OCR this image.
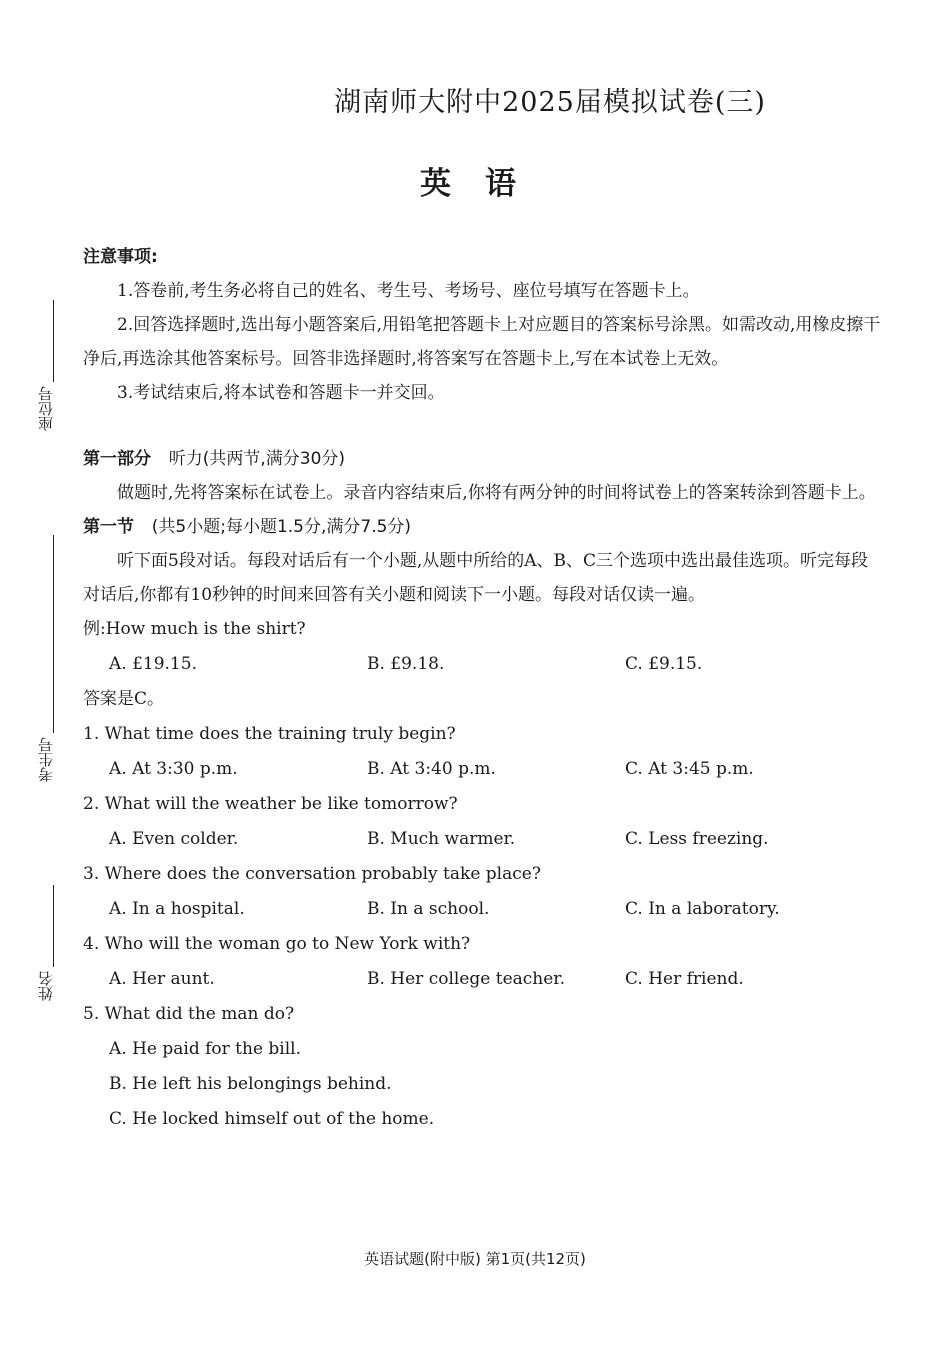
座位号
考生号
姓名
湖南师大附中2025届模拟试卷(三)
英语
注意事项:

1.答卷前,考生务必将自己的姓名、考生号、考场号、座位号填写在答题卡上。

2.回答选择题时,选出每小题答案后,用铅笔把答题卡上对应题目的答案标号涂黑。如需改动,用橡皮擦干净后,再选涂其他答案标号。回答非选择题时,将答案写在答题卡上,写在本试卷上无效。

3.考试结束后,将本试卷和答题卡一并交回。

第一部分 听力(共两节,满分30分)

做题时,先将答案标在试卷上。录音内容结束后,你将有两分钟的时间将试卷上的答案转涂到答题卡上。

第一节 (共5小题;每小题1.5分,满分7.5分)

听下面5段对话。每段对话后有一个小题,从题中所给的A、B、C三个选项中选出最佳选项。听完每段对话后,你都有10秒钟的时间来回答有关小题和阅读下一小题。每段对话仅读一遍。

例:How much is the shirt?
A. £19.15.	B. £9.18.	C. £9.15.
答案是C。
1. What time does the training truly begin?
A. At 3:30 p.m.	B. At 3:40 p.m.	C. At 3:45 p.m.
2. What will the weather be like tomorrow?
A. Even colder.	B. Much warmer.	C. Less freezing.
3. Where does the conversation probably take place?
A. In a hospital.	B. In a school.	C. In a laboratory.
4. Who will the woman go to New York with?
A. Her aunt.	B. Her college teacher.	C. Her friend.
5. What did the man do?
A. He paid for the bill.
B. He left his belongings behind.
C. He locked himself out of the home.
英语试题(附中版) 第1页(共12页)
